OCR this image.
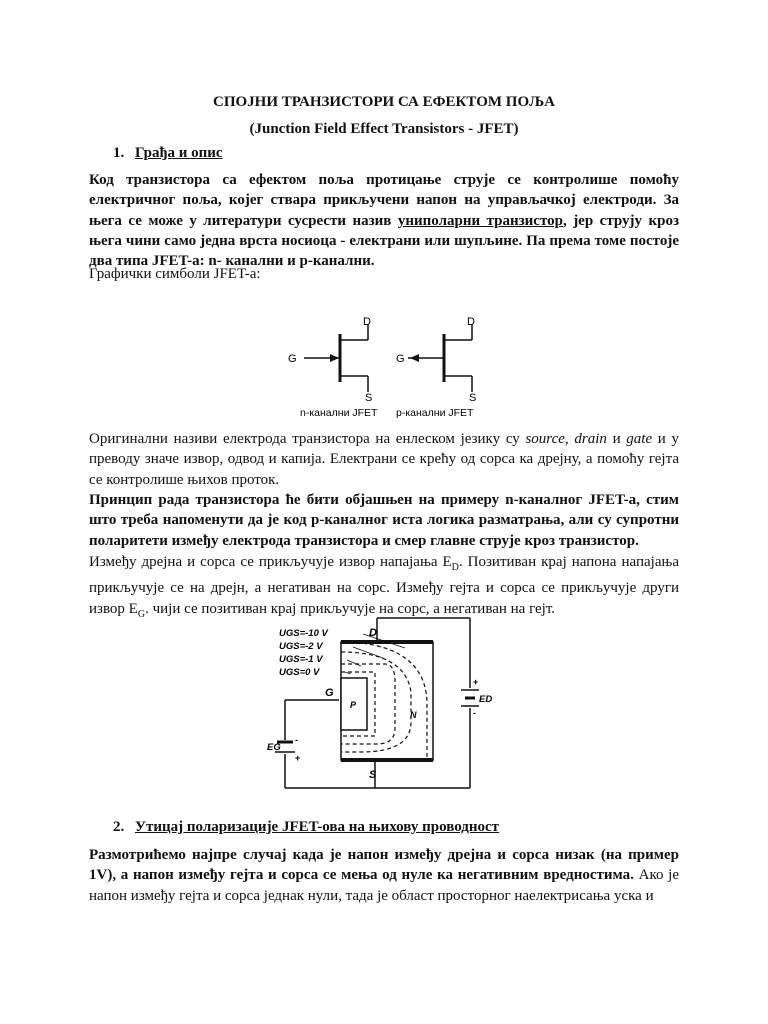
СПОЈНИ ТРАНЗИСТОРИ СА ЕФЕКТОМ ПОЉА
(Junction Field Effect Transistors - JFET)
1. Грађа и опис

Код транзистора са ефектом поља протицање струје се контролише помоћу електричног поља, којег ствара прикључени напон на управљачкој електроди. За њега се може у литератури сусрести назив униполарни транзистор, јер струју кроз њега чини само једна врста носиоца - електрани или шупљине. Па према томе постоје два типа JFET-a: n- канални и p-канални.

Графички симболи JFET-a:
G
D
S
n-канални JFET
G
D
S
p-канални JFET

Оригинални називи електрода транзистора на енлеском језику су source, drain и gate и у преводу значе извор, одвод и капија. Електрани се крећу од сорса ка дрејну, а помоћу гејта се контролише њихов проток.

Принцип рада транзистора ће бити објашњен на примеру n-каналног JFET-a, стим што треба напоменути да је код p-каналног иста логика разматрања, али су супротни поларитети између електрода транзистора и смер главне струје кроз транзистор.

Између дрејна и сорса се прикључује извор напајања $E_D$. Позитиван крај напона напајања прикључује се на дрејн, а негативан на сорс. Између гејта и сорса се прикључује други извор $E_G$. чији се позитиван крај прикључује на сорс, а негативан на гејт.

+
-
-
+
UGS=-10 V
UGS=-2 V
UGS=-1 V
UGS=0 V
D
G
S
P
N
ED
EG
2. Утицај поларизације JFET-ова на њихову проводност

Размотрићемо најпре случај када је напон између дрејна и сорса низак (на пример 1V), а напон између гејта и сорса се мења од нуле ка негативним вредностима. Ако је напон између гејта и сорса једнак нули, тада је област просторног наелектрисања уска и
